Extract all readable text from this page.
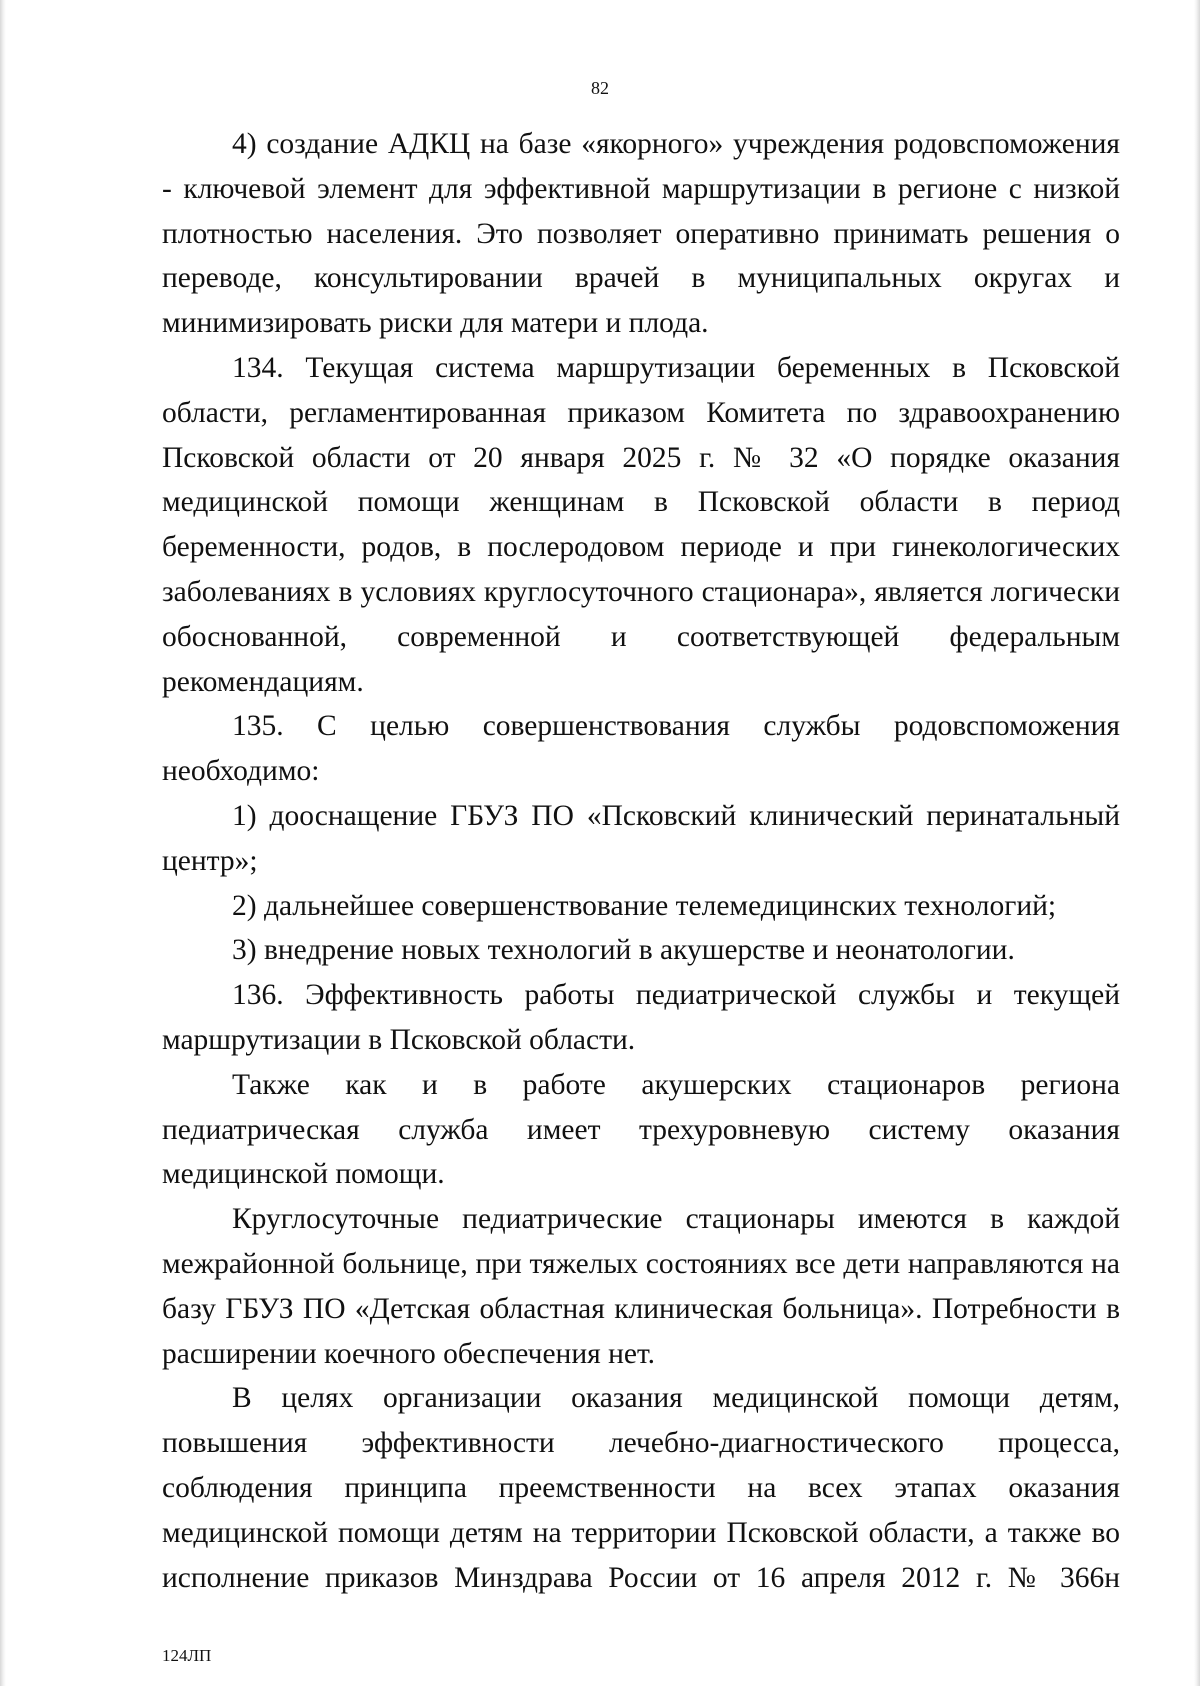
82

4) создание АДКЦ на базе «якорного» учреждения родовспоможения - ключевой элемент для эффективной маршрутизации в регионе с низкой плотностью населения. Это позволяет оперативно принимать решения о переводе, консультировании врачей в муниципальных округах и минимизировать риски для матери и плода.

134. Текущая система маршрутизации беременных в Псковской области, регламентированная приказом Комитета по здравоохранению Псковской области от 20 января 2025 г. № 32 «О порядке оказания медицинской помощи женщинам в Псковской области в период беременности, родов, в послеродовом периоде и при гинекологических заболеваниях в условиях круглосуточного стационара», является логически обоснованной, современной и соответствующей федеральным рекомендациям.

135. С целью совершенствования службы родовспоможения необходимо:

1) дооснащение ГБУЗ ПО «Псковский клинический перинатальный центр»;

2) дальнейшее совершенствование телемедицинских технологий;

3) внедрение новых технологий в акушерстве и неонатологии.

136. Эффективность работы педиатрической службы и текущей маршрутизации в Псковской области.

Также как и в работе акушерских стационаров региона педиатрическая служба имеет трехуровневую систему оказания медицинской помощи.

Круглосуточные педиатрические стационары имеются в каждой межрайонной больнице, при тяжелых состояниях все дети направляются на базу ГБУЗ ПО «Детская областная клиническая больница». Потребности в расширении коечного обеспечения нет.

В целях организации оказания медицинской помощи детям, повышения эффективности лечебно-диагностического процесса, соблюдения принципа преемственности на всех этапах оказания медицинской помощи детям на территории Псковской области, а также во исполнение приказов Минздрава России от 16 апреля 2012 г. № 366н

124ЛП
